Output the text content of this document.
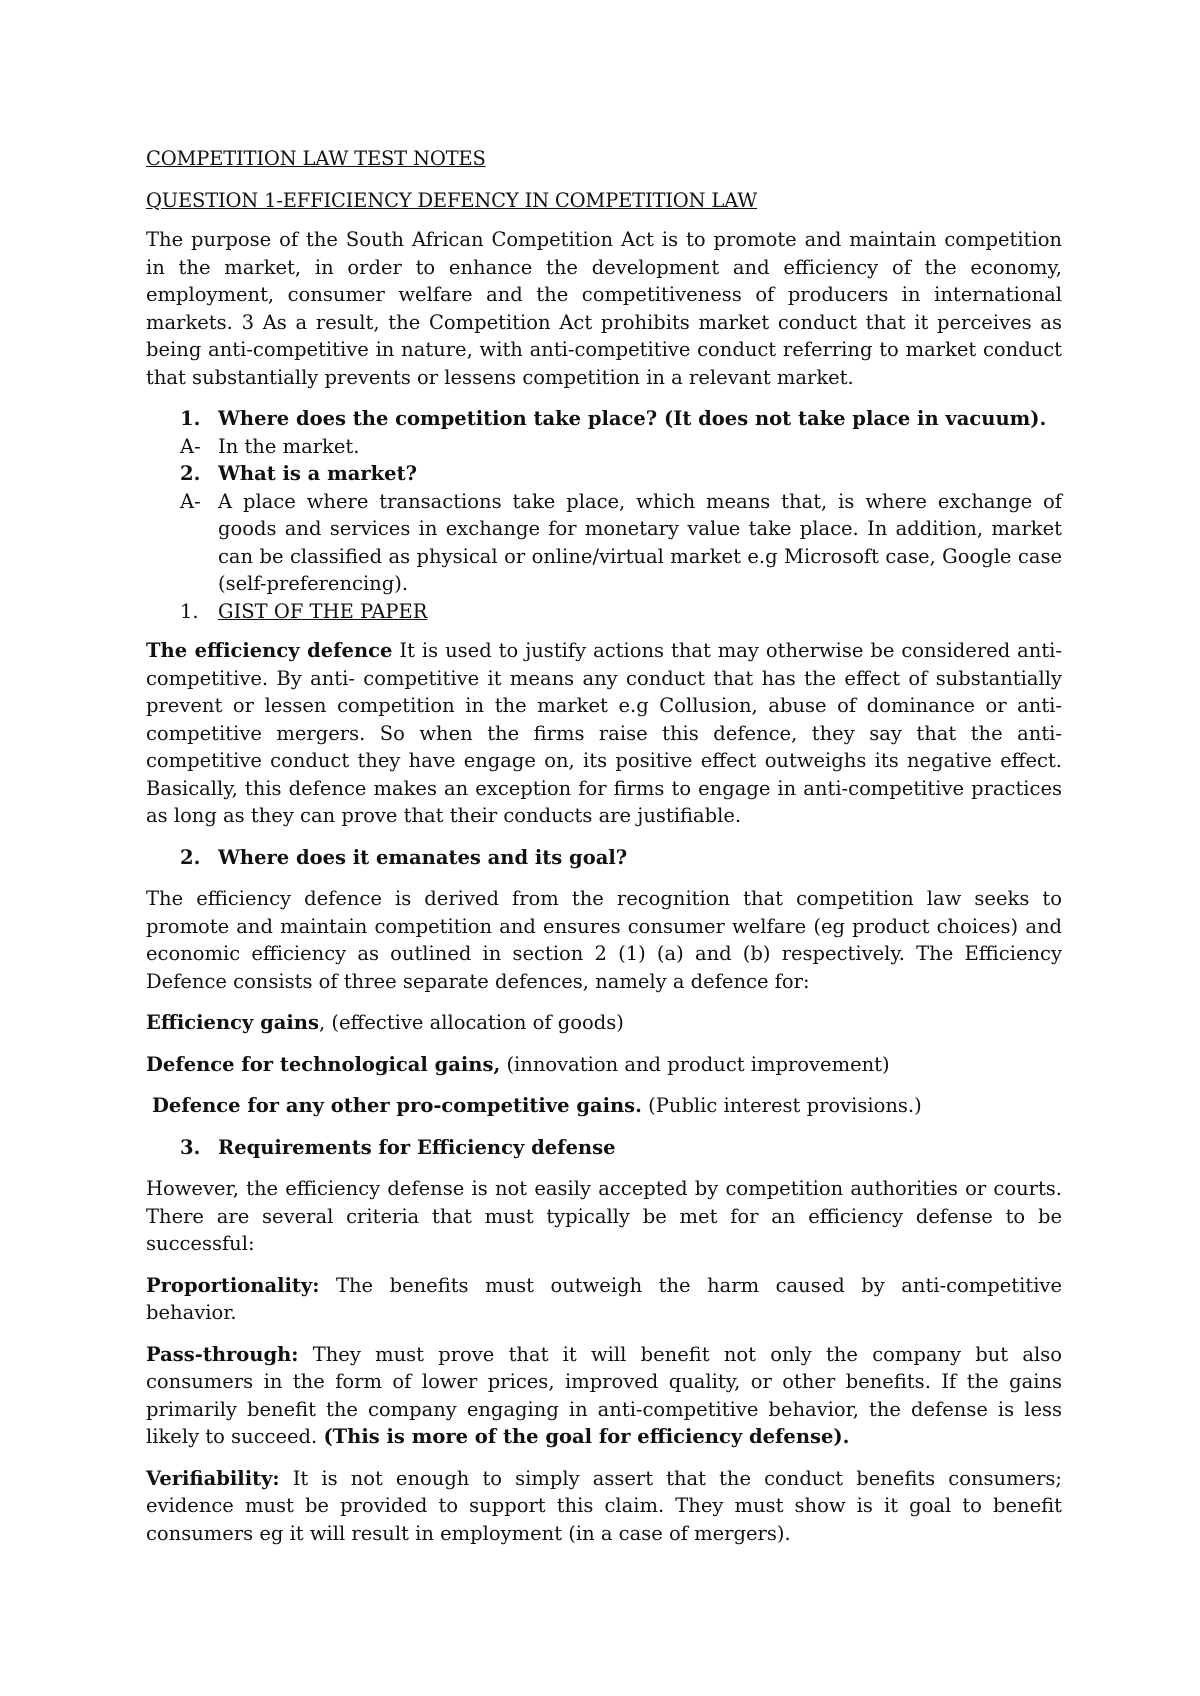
COMPETITION LAW TEST NOTES

QUESTION 1-EFFICIENCY DEFENCY IN COMPETITION LAW

The purpose of the South African Competition Act is to promote and maintain competition in the market, in order to enhance the development and efficiency of the economy, employment, consumer welfare and the competitiveness of producers in international markets. 3 As a result, the Competition Act prohibits market conduct that it perceives as being anti-competitive in nature, with anti-competitive conduct referring to market conduct that substantially prevents or lessens competition in a relevant market.

1. Where does the competition take place? (It does not take place in vacuum).
A- In the market.
2. What is a market?
A- A place where transactions take place, which means that, is where exchange of goods and services in exchange for monetary value take place. In addition, market can be classified as physical or online/virtual market e.g Microsoft case, Google case (self-preferencing).
1. GIST OF THE PAPER

The efficiency defence It is used to justify actions that may otherwise be considered anti-competitive. By anti- competitive it means any conduct that has the effect of substantially prevent or lessen competition in the market e.g Collusion, abuse of dominance or anti-competitive mergers. So when the firms raise this defence, they say that the anti-competitive conduct they have engage on, its positive effect outweighs its negative effect. Basically, this defence makes an exception for firms to engage in anti-competitive practices as long as they can prove that their conducts are justifiable.

2. Where does it emanates and its goal?

The efficiency defence is derived from the recognition that competition law seeks to promote and maintain competition and ensures consumer welfare (eg product choices) and economic efficiency as outlined in section 2 (1) (a) and (b) respectively. The Efficiency Defence consists of three separate defences, namely a defence for:

Efficiency gains, (effective allocation of goods)

Defence for technological gains, (innovation and product improvement)

Defence for any other pro-competitive gains. (Public interest provisions.)

3. Requirements for Efficiency defense

However, the efficiency defense is not easily accepted by competition authorities or courts. There are several criteria that must typically be met for an efficiency defense to be successful:

Proportionality: The benefits must outweigh the harm caused by anti-competitive behavior.

Pass-through: They must prove that it will benefit not only the company but also consumers in the form of lower prices, improved quality, or other benefits. If the gains primarily benefit the company engaging in anti-competitive behavior, the defense is less likely to succeed. (This is more of the goal for efficiency defense).

Verifiability: It is not enough to simply assert that the conduct benefits consumers; evidence must be provided to support this claim. They must show is it goal to benefit consumers eg it will result in employment (in a case of mergers).
